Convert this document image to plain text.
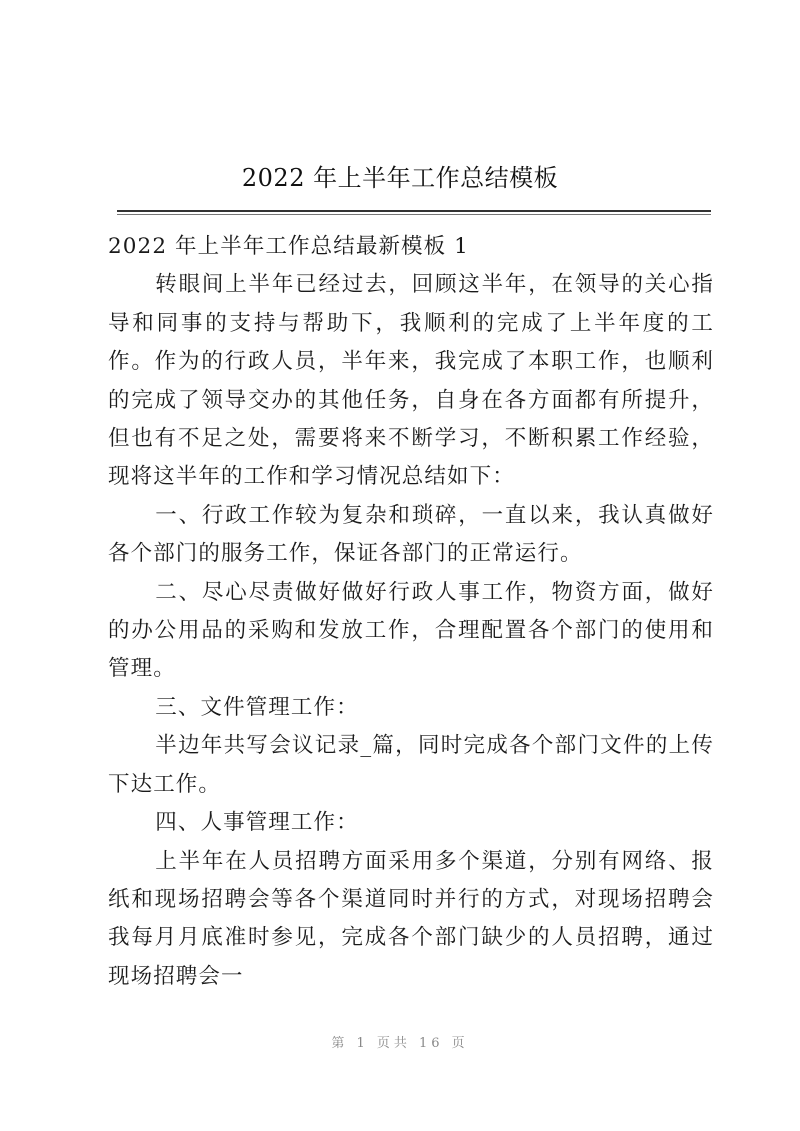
2022 年上半年工作总结模板

2022 年上半年工作总结最新模板 1

转眼间上半年已经过去，回顾这半年，在领导的关心指导和同事的支持与帮助下，我顺利的完成了上半年度的工作。作为的行政人员，半年来，我完成了本职工作，也顺利的完成了领导交办的其他任务，自身在各方面都有所提升，但也有不足之处，需要将来不断学习，不断积累工作经验，现将这半年的工作和学习情况总结如下：

一、行政工作较为复杂和琐碎，一直以来，我认真做好各个部门的服务工作，保证各部门的正常运行。

二、尽心尽责做好做好行政人事工作，物资方面，做好的办公用品的采购和发放工作，合理配置各个部门的使用和管理。

三、文件管理工作：

半边年共写会议记录_篇，同时完成各个部门文件的上传下达工作。

四、人事管理工作：

上半年在人员招聘方面采用多个渠道，分别有网络、报纸和现场招聘会等各个渠道同时并行的方式，对现场招聘会我每月月底准时参见，完成各个部门缺少的人员招聘，通过现场招聘会一

第 1 页共 16 页
